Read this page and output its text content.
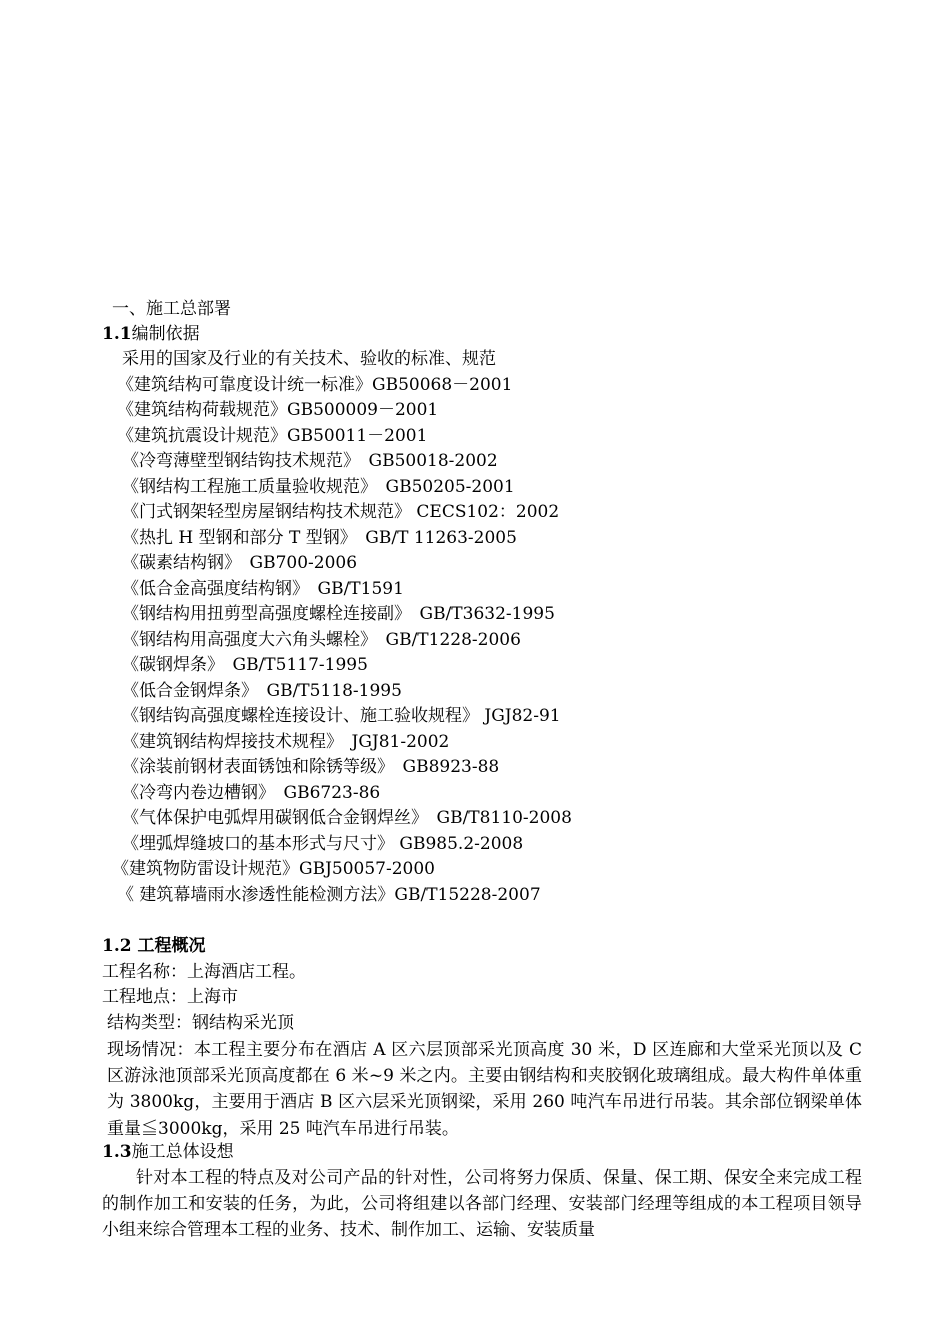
一、施工总部署
1.1编制依据
采用的国家及行业的有关技术、验收的标准、规范
《建筑结构可靠度设计统一标准》GB50068－2001
《建筑结构荷载规范》GB500009－2001
《建筑抗震设计规范》GB50011－2001
《冷弯薄壁型钢结钩技术规范》　GB50018-2002
《钢结构工程施工质量验收规范》　GB50205-2001
《门式钢架轻型房屋钢结构技术规范》 CECS102：2002
《热扎 H 型钢和部分 T 型钢》　GB/T 11263-2005
《碳素结构钢》　GB700-2006
《低合金高强度结构钢》　GB/T1591
《钢结构用扭剪型高强度螺栓连接副》　GB/T3632-1995
《钢结构用高强度大六角头螺栓》　GB/T1228-2006
《碳钢焊条》　GB/T5117-1995
《低合金钢焊条》　GB/T5118-1995
《钢结钩高强度螺栓连接设计、施工验收规程》 JGJ82-91
《建筑钢结构焊接技术规程》　JGJ81-2002
《涂装前钢材表面锈蚀和除锈等级》　GB8923-88
《冷弯内卷边槽钢》　GB6723-86
《气体保护电弧焊用碳钢低合金钢焊丝》　GB/T8110-2008
《埋弧焊缝坡口的基本形式与尺寸》 GB985.2-2008
《建筑物防雷设计规范》GBJ50057-2000
《 建筑幕墙雨水渗透性能检测方法》GB/T15228-2007
1.2 工程概况
工程名称：上海酒店工程。
工程地点：上海市
结构类型：钢结构采光顶
现场情况：本工程主要分布在酒店 A 区六层顶部采光顶高度 30 米，D 区连廊和大堂采光顶以及 C 区游泳池顶部采光顶高度都在 6 米~9 米之内。主要由钢结构和夹胶钢化玻璃组成。最大构件单体重为 3800kg，主要用于酒店 B 区六层采光顶钢梁，采用 260 吨汽车吊进行吊装。其余部位钢梁单体重量≦3000kg，采用 25 吨汽车吊进行吊装。
1.3施工总体设想
针对本工程的特点及对公司产品的针对性，公司将努力保质、保量、保工期、保安全来完成工程的制作加工和安装的任务，为此，公司将组建以各部门经理、安装部门经理等组成的本工程项目领导小组来综合管理本工程的业务、技术、制作加工、运输、安装质量
